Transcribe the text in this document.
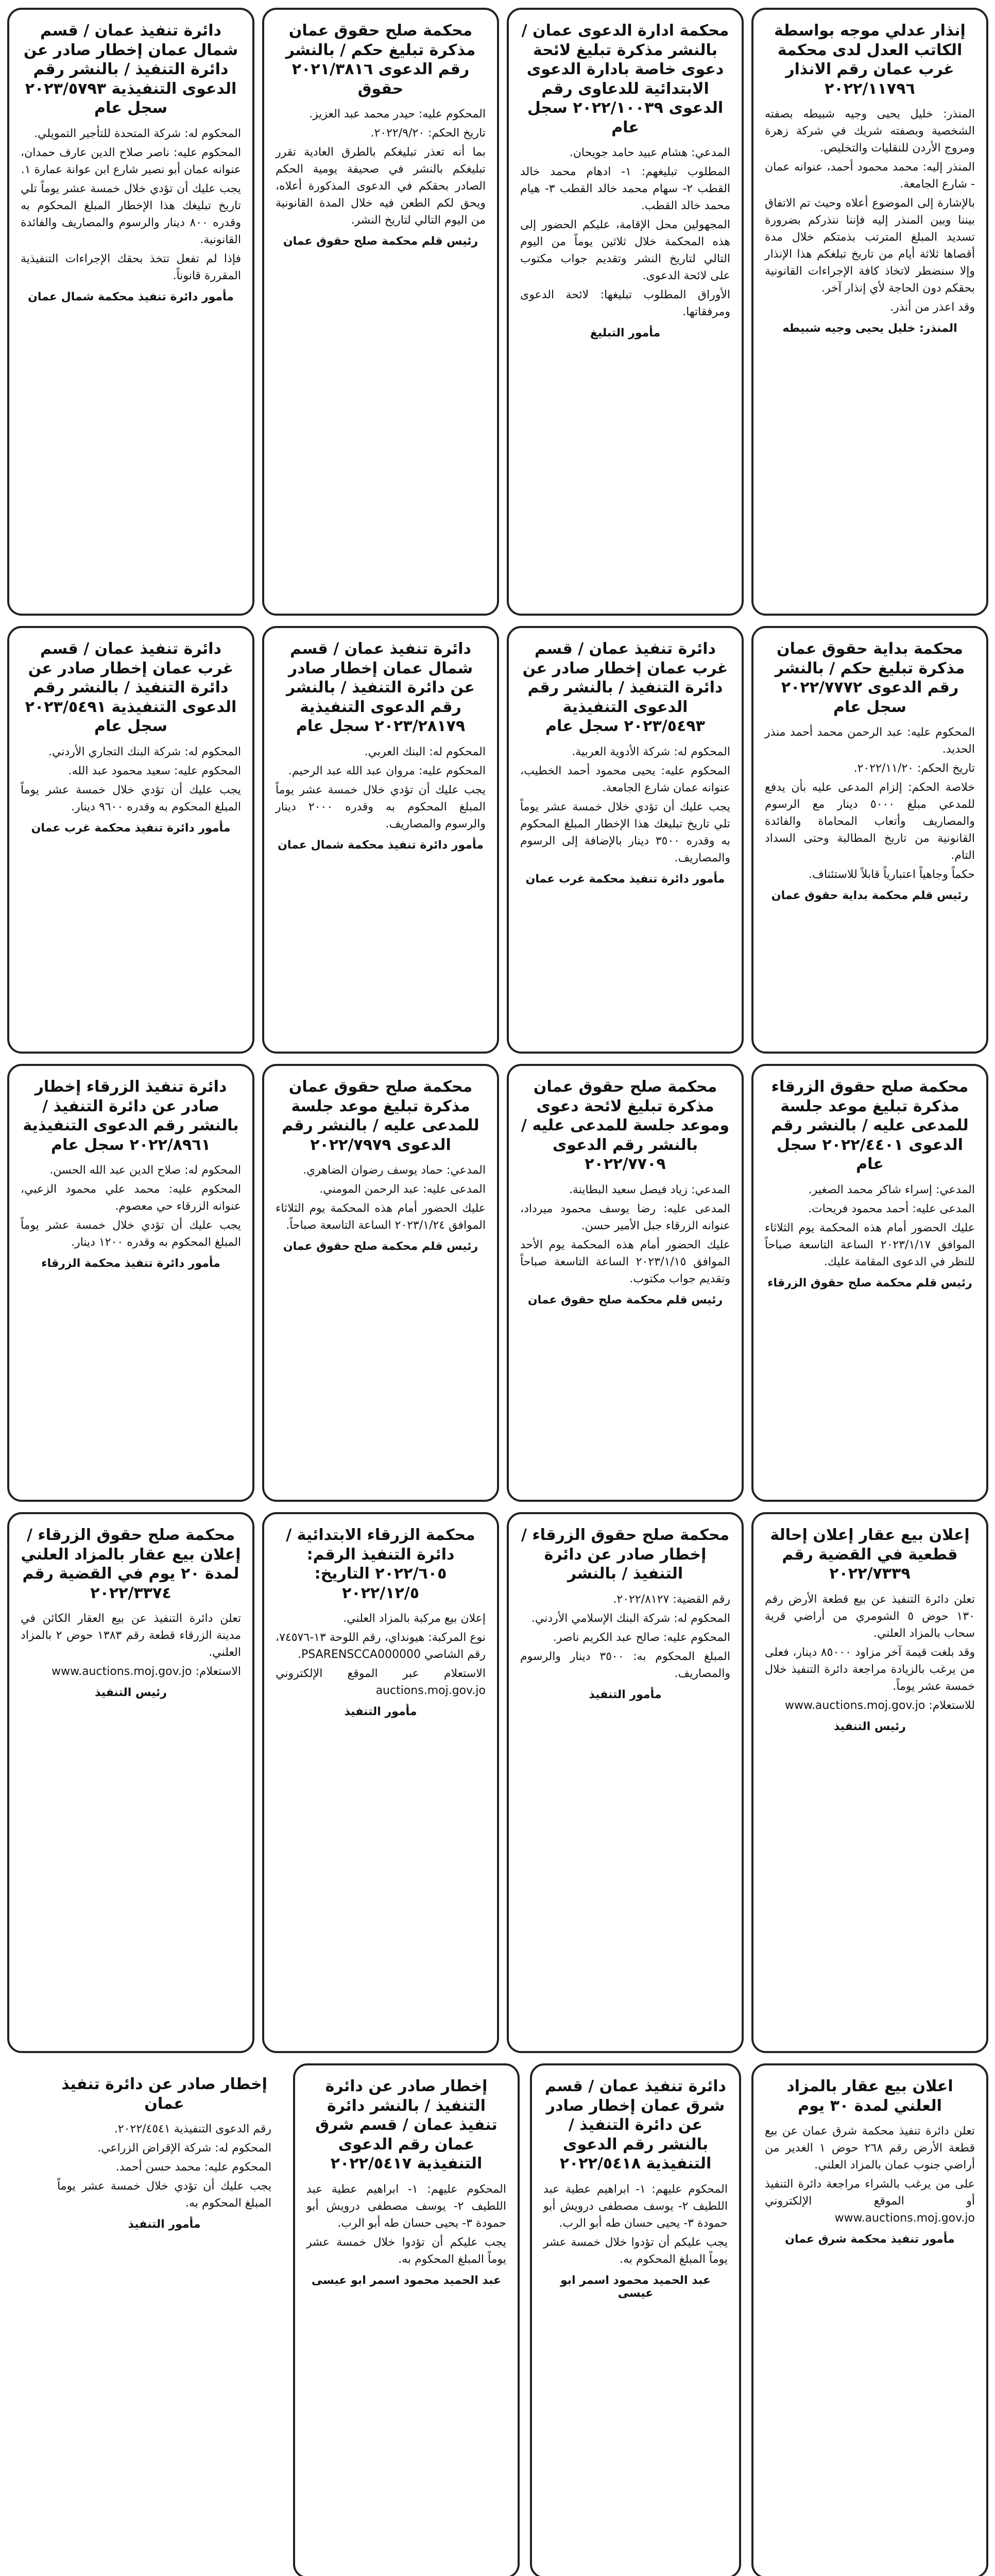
إنذار عدلي موجه بواسطة الكاتب العدل لدى محكمة غرب عمان رقم الانذار ٢٠٢٢/١١٧٩٦

المنذر: خليل يحيى وجيه شبيطه بصفته الشخصية وبصفته شريك في شركة زهرة ومروج الأردن للنقليات والتخليص.

المنذر إليه: محمد محمود أحمد، عنوانه عمان - شارع الجامعة.

بالإشارة إلى الموضوع أعلاه وحيث تم الاتفاق بيننا وبين المنذر إليه فإننا ننذركم بضرورة تسديد المبلغ المترتب بذمتكم خلال مدة أقصاها ثلاثة أيام من تاريخ تبلغكم هذا الإنذار وإلا سنضطر لاتخاذ كافة الإجراءات القانونية بحقكم دون الحاجة لأي إنذار آخر.

وقد اعذر من أنذر.

المنذر: خليل يحيى وجيه شبيطه
محكمة ادارة الدعوى عمان / بالنشر مذكرة تبليغ لائحة دعوى خاصة بادارة الدعوى الابتدائية للدعاوى رقم الدعوى ٢٠٢٢/١٠٠٣٩ سجل عام

المدعي: هشام عبيد حامد جويحان.

المطلوب تبليغهم: ١- ادهام محمد خالد القطب ٢- سهام محمد خالد القطب ٣- هيام محمد خالد القطب.

المجهولين محل الإقامة، عليكم الحضور إلى هذه المحكمة خلال ثلاثين يوماً من اليوم التالي لتاريخ النشر وتقديم جواب مكتوب على لائحة الدعوى.

الأوراق المطلوب تبليغها: لائحة الدعوى ومرفقاتها.

مأمور التبليغ
محكمة صلح حقوق عمان مذكرة تبليغ حكم / بالنشر رقم الدعوى ٢٠٢١/٣٨١٦ حقوق

المحكوم عليه: حيدر محمد عبد العزيز.

تاريخ الحكم: ٢٠٢٢/٩/٢٠.

بما أنه تعذر تبليغكم بالطرق العادية تقرر تبليغكم بالنشر في صحيفة يومية الحكم الصادر بحقكم في الدعوى المذكورة أعلاه، ويحق لكم الطعن فيه خلال المدة القانونية من اليوم التالي لتاريخ النشر.

رئيس قلم محكمة صلح حقوق عمان
دائرة تنفيذ عمان / قسم شمال عمان إخطار صادر عن دائرة التنفيذ / بالنشر رقم الدعوى التنفيذية ٢٠٢٣/٥٧٩٣ سجل عام

المحكوم له: شركة المتحدة للتأجير التمويلي.

المحكوم عليه: ناصر صلاح الدين عارف حمدان، عنوانه عمان أبو نصير شارع ابن عوانة عمارة ١.

يجب عليك أن تؤدي خلال خمسة عشر يوماً تلي تاريخ تبليغك هذا الإخطار المبلغ المحكوم به وقدره ٨٠٠ دينار والرسوم والمصاريف والفائدة القانونية.

فإذا لم تفعل تتخذ بحقك الإجراءات التنفيذية المقررة قانوناً.

مأمور دائرة تنفيذ محكمة شمال عمان
محكمة بداية حقوق عمان مذكرة تبليغ حكم / بالنشر رقم الدعوى ٢٠٢٢/٧٧٧٢ سجل عام

المحكوم عليه: عبد الرحمن محمد أحمد منذر الحديد.

تاريخ الحكم: ٢٠٢٢/١١/٢٠.

خلاصة الحكم: إلزام المدعى عليه بأن يدفع للمدعي مبلغ ٥٠٠٠ دينار مع الرسوم والمصاريف وأتعاب المحاماة والفائدة القانونية من تاريخ المطالبة وحتى السداد التام.

حكماً وجاهياً اعتبارياً قابلاً للاستئناف.

رئيس قلم محكمة بداية حقوق عمان
دائرة تنفيذ عمان / قسم غرب عمان إخطار صادر عن دائرة التنفيذ / بالنشر رقم الدعوى التنفيذية ٢٠٢٣/٥٤٩٣ سجل عام

المحكوم له: شركة الأدوية العربية.

المحكوم عليه: يحيى محمود أحمد الخطيب، عنوانه عمان شارع الجامعة.

يجب عليك أن تؤدي خلال خمسة عشر يوماً تلي تاريخ تبليغك هذا الإخطار المبلغ المحكوم به وقدره ٣٥٠٠ دينار بالإضافة إلى الرسوم والمصاريف.

مأمور دائرة تنفيذ محكمة غرب عمان
دائرة تنفيذ عمان / قسم شمال عمان إخطار صادر عن دائرة التنفيذ / بالنشر رقم الدعوى التنفيذية ٢٠٢٣/٢٨١٧٩ سجل عام

المحكوم له: البنك العربي.

المحكوم عليه: مروان عبد الله عبد الرحيم.

يجب عليك أن تؤدي خلال خمسة عشر يوماً المبلغ المحكوم به وقدره ٢٠٠٠ دينار والرسوم والمصاريف.

مأمور دائرة تنفيذ محكمة شمال عمان
دائرة تنفيذ عمان / قسم غرب عمان إخطار صادر عن دائرة التنفيذ / بالنشر رقم الدعوى التنفيذية ٢٠٢٣/٥٤٩١ سجل عام

المحكوم له: شركة البنك التجاري الأردني.

المحكوم عليه: سعيد محمود عبد الله.

يجب عليك أن تؤدي خلال خمسة عشر يوماً المبلغ المحكوم به وقدره ٩٦٠٠ دينار.

مأمور دائرة تنفيذ محكمة غرب عمان
محكمة صلح حقوق الزرقاء مذكرة تبليغ موعد جلسة للمدعى عليه / بالنشر رقم الدعوى ٢٠٢٢/٤٤٠١ سجل عام

المدعي: إسراء شاكر محمد الصغير.

المدعى عليه: أحمد محمود فريحات.

عليك الحضور أمام هذه المحكمة يوم الثلاثاء الموافق ٢٠٢٣/١/١٧ الساعة التاسعة صباحاً للنظر في الدعوى المقامة عليك.

رئيس قلم محكمة صلح حقوق الزرقاء
محكمة صلح حقوق عمان مذكرة تبليغ لائحة دعوى وموعد جلسة للمدعى عليه / بالنشر رقم الدعوى ٢٠٢٢/٧٧٠٩

المدعي: زياد فيصل سعيد البطاينة.

المدعى عليه: رضا يوسف محمود ميرداد، عنوانه الزرقاء جبل الأمير حسن.

عليك الحضور أمام هذه المحكمة يوم الأحد الموافق ٢٠٢٣/١/١٥ الساعة التاسعة صباحاً وتقديم جواب مكتوب.

رئيس قلم محكمة صلح حقوق عمان
محكمة صلح حقوق عمان مذكرة تبليغ موعد جلسة للمدعى عليه / بالنشر رقم الدعوى ٢٠٢٢/٧٩٧٩

المدعي: حماد يوسف رضوان الضاهري.

المدعى عليه: عبد الرحمن المومني.

عليك الحضور أمام هذه المحكمة يوم الثلاثاء الموافق ٢٠٢٣/١/٢٤ الساعة التاسعة صباحاً.

رئيس قلم محكمة صلح حقوق عمان
دائرة تنفيذ الزرقاء إخطار صادر عن دائرة التنفيذ / بالنشر رقم الدعوى التنفيذية ٢٠٢٢/٨٩٦١ سجل عام

المحكوم له: صلاح الدين عبد الله الحسن.

المحكوم عليه: محمد علي محمود الزعبي، عنوانه الزرقاء حي معصوم.

يجب عليك أن تؤدي خلال خمسة عشر يوماً المبلغ المحكوم به وقدره ١٢٠٠ دينار.

مأمور دائرة تنفيذ محكمة الزرقاء
إعلان بيع عقار إعلان إحالة قطعية في القضية رقم ٢٠٢٢/٧٣٣٩

تعلن دائرة التنفيذ عن بيع قطعة الأرض رقم ١٣٠ حوض ٥ الشومري من أراضي قرية سحاب بالمزاد العلني.

وقد بلغت قيمة آخر مزاود ٨٥٠٠٠ دينار، فعلى من يرغب بالزيادة مراجعة دائرة التنفيذ خلال خمسة عشر يوماً.

للاستعلام: www.auctions.moj.gov.jo

رئيس التنفيذ
محكمة صلح حقوق الزرقاء / إخطار صادر عن دائرة التنفيذ / بالنشر

رقم القضية: ٢٠٢٢/٨١٢٧.

المحكوم له: شركة البنك الإسلامي الأردني.

المحكوم عليه: صالح عبد الكريم ناصر.

المبلغ المحكوم به: ٣٥٠٠ دينار والرسوم والمصاريف.

مأمور التنفيذ
محكمة الزرقاء الابتدائية / دائرة التنفيذ الرقم: ٢٠٢٢/٦٠٥ التاريخ: ٢٠٢٢/١٢/٥

إعلان بيع مركبة بالمزاد العلني.

نوع المركبة: هيونداي، رقم اللوحة ١٣-٧٤٥٧٦، رقم الشاصي PSARENSCCA000000.

الاستعلام عبر الموقع الإلكتروني auctions.moj.gov.jo

مأمور التنفيذ
محكمة صلح حقوق الزرقاء / إعلان بيع عقار بالمزاد العلني لمدة ٢٠ يوم في القضية رقم ٢٠٢٢/٣٣٧٤

تعلن دائرة التنفيذ عن بيع العقار الكائن في مدينة الزرقاء قطعة رقم ١٣٨٣ حوض ٢ بالمزاد العلني.

الاستعلام: www.auctions.moj.gov.jo

رئيس التنفيذ
اعلان بيع عقار بالمزاد العلني لمدة ٣٠ يوم

تعلن دائرة تنفيذ محكمة شرق عمان عن بيع قطعة الأرض رقم ٢٦٨ حوض ١ الغدير من أراضي جنوب عمان بالمزاد العلني.

على من يرغب بالشراء مراجعة دائرة التنفيذ أو الموقع الإلكتروني www.auctions.moj.gov.jo

مأمور تنفيذ محكمة شرق عمان
دائرة تنفيذ عمان / قسم شرق عمان إخطار صادر عن دائرة التنفيذ / بالنشر رقم الدعوى التنفيذية ٢٠٢٢/٥٤١٨

المحكوم عليهم: ١- ابراهيم عطية عبد اللطيف ٢- يوسف مصطفى درويش أبو حمودة ٣- يحيى حسان طه أبو الرب.

يجب عليكم أن تؤدوا خلال خمسة عشر يوماً المبلغ المحكوم به.

عبد الحميد محمود اسمر ابو عيسى
إخطار صادر عن دائرة التنفيذ / بالنشر دائرة تنفيذ عمان / قسم شرق عمان رقم الدعوى التنفيذية ٢٠٢٢/٥٤١٧

المحكوم عليهم: ١- ابراهيم عطية عبد اللطيف ٢- يوسف مصطفى درويش أبو حمودة ٣- يحيى حسان طه أبو الرب.

يجب عليكم أن تؤدوا خلال خمسة عشر يوماً المبلغ المحكوم به.

عبد الحميد محمود اسمر ابو عيسى
إخطار صادر عن دائرة تنفيذ عمان

رقم الدعوى التنفيذية ٢٠٢٢/٤٥٤١.

المحكوم له: شركة الإقراض الزراعي.

المحكوم عليه: محمد حسن أحمد.

يجب عليك أن تؤدي خلال خمسة عشر يوماً المبلغ المحكوم به.

مأمور التنفيذ
